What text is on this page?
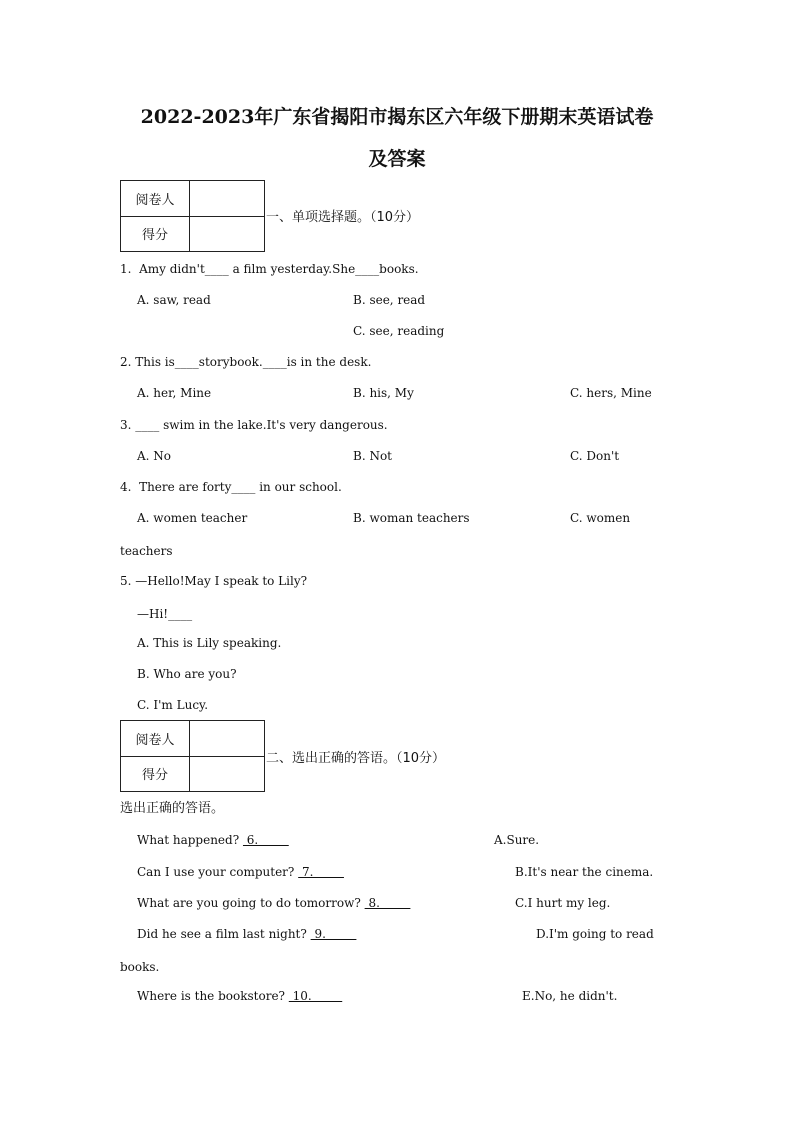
2022-2023年广东省揭阳市揭东区六年级下册期末英语试卷
及答案
阅卷人	
得分	
一、单项选择题。（10分）
1.  Amy didn't____ a film yesterday.She____books.
A. saw, read	B. see, read
C. see, reading
2. This is____storybook.____is in the desk.
A. her, Mine	B. his, My	C. hers, Mine
3. ____ swim in the lake.It's very dangerous.
A. No	B. Not	C. Don't
4.  There are forty____ in our school.
A. women teacher	B. woman teachers	C. women
teachers
5. —Hello!May I speak to Lily?
—Hi!____
A. This is Lily speaking.
B. Who are you?
C. I'm Lucy.
阅卷人	
得分	
二、选出正确的答语。（10分）
选出正确的答语。
What happened?  6.	A.Sure.
Can I use your computer?  7.	B.It's near the cinema.
What are you going to do tomorrow?  8.	C.I hurt my leg.
Did he see a film last night?  9.	D.I'm going to read
books.
Where is the bookstore?  10.	E.No, he didn't.
